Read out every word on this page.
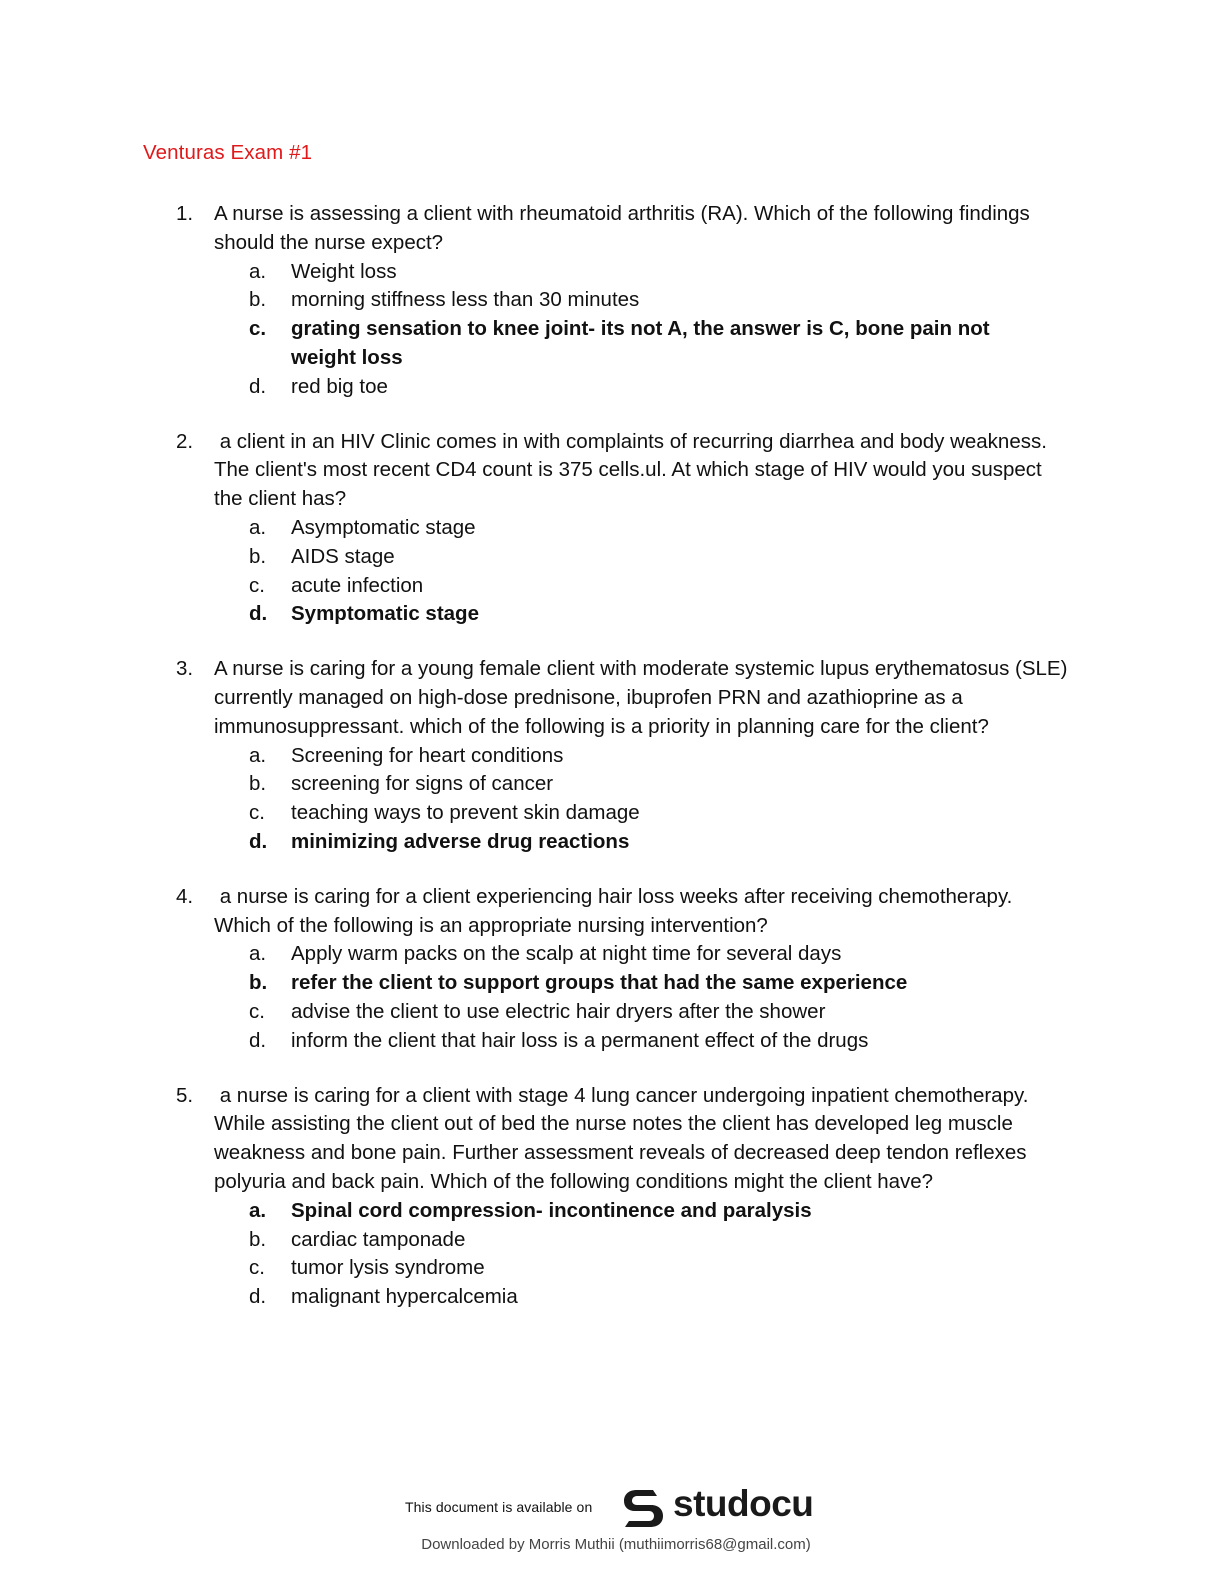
Venturas Exam #1
1. A nurse is assessing a client with rheumatoid arthritis (RA). Which of the following findings should the nurse expect?
a. Weight loss
b. morning stiffness less than 30 minutes
c. grating sensation to knee joint- its not A, the answer is C, bone pain not weight loss
d. red big toe
2. a client in an HIV Clinic comes in with complaints of recurring diarrhea and body weakness. The client's most recent CD4 count is 375 cells.ul. At which stage of HIV would you suspect the client has?
a. Asymptomatic stage
b. AIDS stage
c. acute infection
d. Symptomatic stage
3. A nurse is caring for a young female client with moderate systemic lupus erythematosus (SLE) currently managed on high-dose prednisone, ibuprofen PRN and azathioprine as a immunosuppressant. which of the following is a priority in planning care for the client?
a. Screening for heart conditions
b. screening for signs of cancer
c. teaching ways to prevent skin damage
d. minimizing adverse drug reactions
4. a nurse is caring for a client experiencing hair loss weeks after receiving chemotherapy. Which of the following is an appropriate nursing intervention?
a. Apply warm packs on the scalp at night time for several days
b. refer the client to support groups that had the same experience
c. advise the client to use electric hair dryers after the shower
d. inform the client that hair loss is a permanent effect of the drugs
5. a nurse is caring for a client with stage 4 lung cancer undergoing inpatient chemotherapy. While assisting the client out of bed the nurse notes the client has developed leg muscle weakness and bone pain. Further assessment reveals of decreased deep tendon reflexes polyuria and back pain. Which of the following conditions might the client have?
a. Spinal cord compression- incontinence and paralysis
b. cardiac tamponade
c. tumor lysis syndrome
d. malignant hypercalcemia
This document is available on studocu
Downloaded by Morris Muthii (muthiimorris68@gmail.com)
